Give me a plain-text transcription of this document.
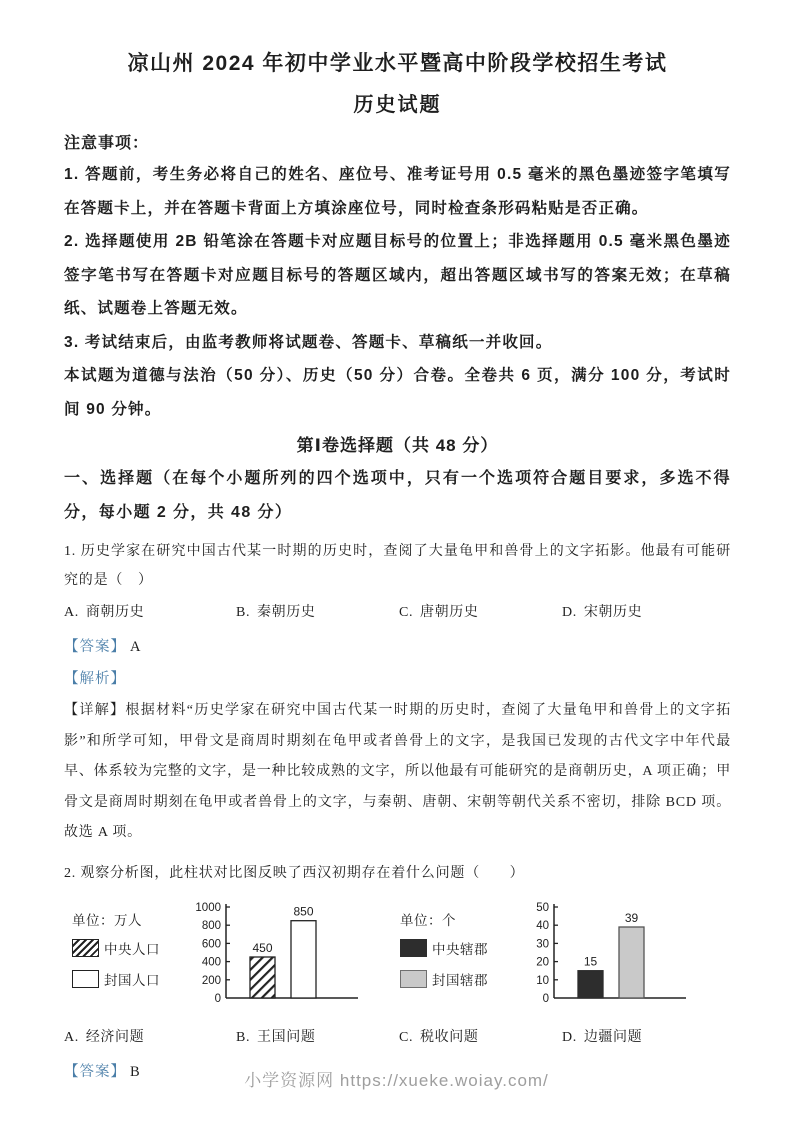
凉山州 2024 年初中学业水平暨高中阶段学校招生考试
历史试题
注意事项：

1. 答题前，考生务必将自己的姓名、座位号、准考证号用 0.5 毫米的黑色墨迹签字笔填写在答题卡上，并在答题卡背面上方填涂座位号，同时检查条形码粘贴是否正确。

2. 选择题使用 2B 铅笔涂在答题卡对应题目标号的位置上；非选择题用 0.5 毫米黑色墨迹签字笔书写在答题卡对应题目标号的答题区域内，超出答题区域书写的答案无效；在草稿纸、试题卷上答题无效。

3. 考试结束后，由监考教师将试题卷、答题卡、草稿纸一并收回。

本试题为道德与法治（50 分）、历史（50 分）合卷。全卷共 6 页，满分 100 分，考试时间 90 分钟。

第Ⅰ卷选择题（共 48 分）

一、选择题（在每个小题所列的四个选项中，只有一个选项符合题目要求，多选不得分，每小题 2 分，共 48 分）

1. 历史学家在研究中国古代某一时期的历史时，查阅了大量龟甲和兽骨上的文字拓影。他最有可能研究的是（　）

A. 商朝历史	B. 秦朝历史	C. 唐朝历史	D. 宋朝历史

【答案】 A

【解析】

【详解】根据材料“历史学家在研究中国古代某一时期的历史时，查阅了大量龟甲和兽骨上的文字拓影”和所学可知，甲骨文是商周时期刻在龟甲或者兽骨上的文字，是我国已发现的古代文字中年代最早、体系较为完整的文字，是一种比较成熟的文字，所以他最有可能研究的是商朝历史，A 项正确；甲骨文是商周时期刻在龟甲或者兽骨上的文字，与秦朝、唐朝、宋朝等朝代关系不密切，排除 BCD 项。故选 A 项。

2. 观察分析图，此柱状对比图反映了西汉初期存在着什么问题（　　）

单位：万人
中央人口
封国人口
0
200
400
600
800
1000
450
850
单位：个
中央辖郡
封国辖郡
0
10
20
30
40
50
15
39
A. 经济问题	B. 王国问题	C. 税收问题	D. 边疆问题

【答案】 B	小学资源网 https://xueke.woiay.com/
